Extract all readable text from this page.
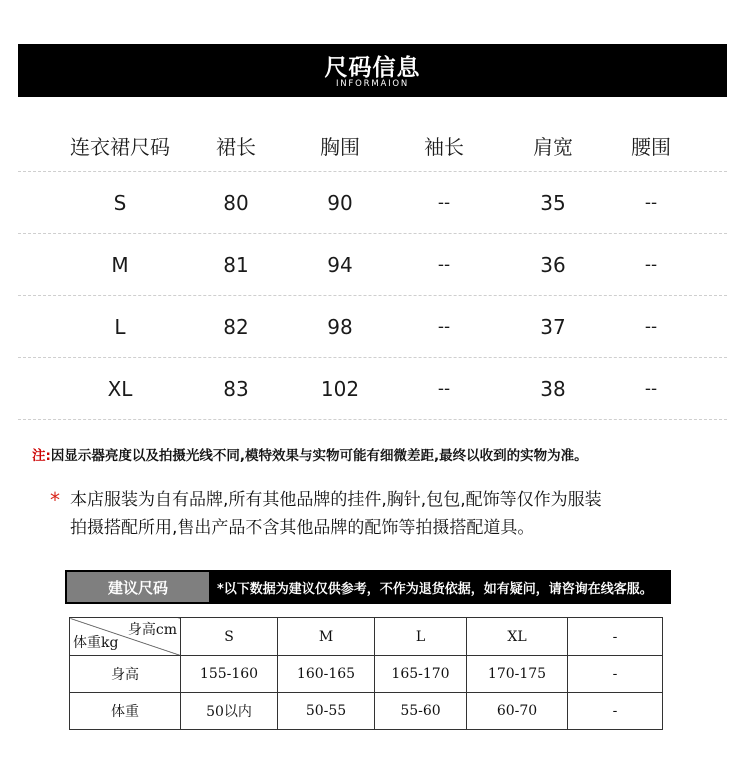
尺码信息
INFORMAION
连衣裙尺码	裙长	胸围	袖长	肩宽	腰围
S	80	90	--	35	--
M	81	94	--	36	--
L	82	98	--	37	--
XL	83	102	--	38	--
注:因显示器亮度以及拍摄光线不同,模特效果与实物可能有细微差距,最终以收到的实物为准。
* 本店服装为自有品牌,所有其他品牌的挂件,胸针,包包,配饰等仅作为服装
拍摄搭配所用,售出产品不含其他品牌的配饰等拍摄搭配道具。
建议尺码	*以下数据为建议仅供参考，不作为退货依据，如有疑问，请咨询在线客服。
身高cm
体重kg	S	M	L	XL	-
身高	155-160	160-165	165-170	170-175	-
体重	50以内	50-55	55-60	60-70	-
